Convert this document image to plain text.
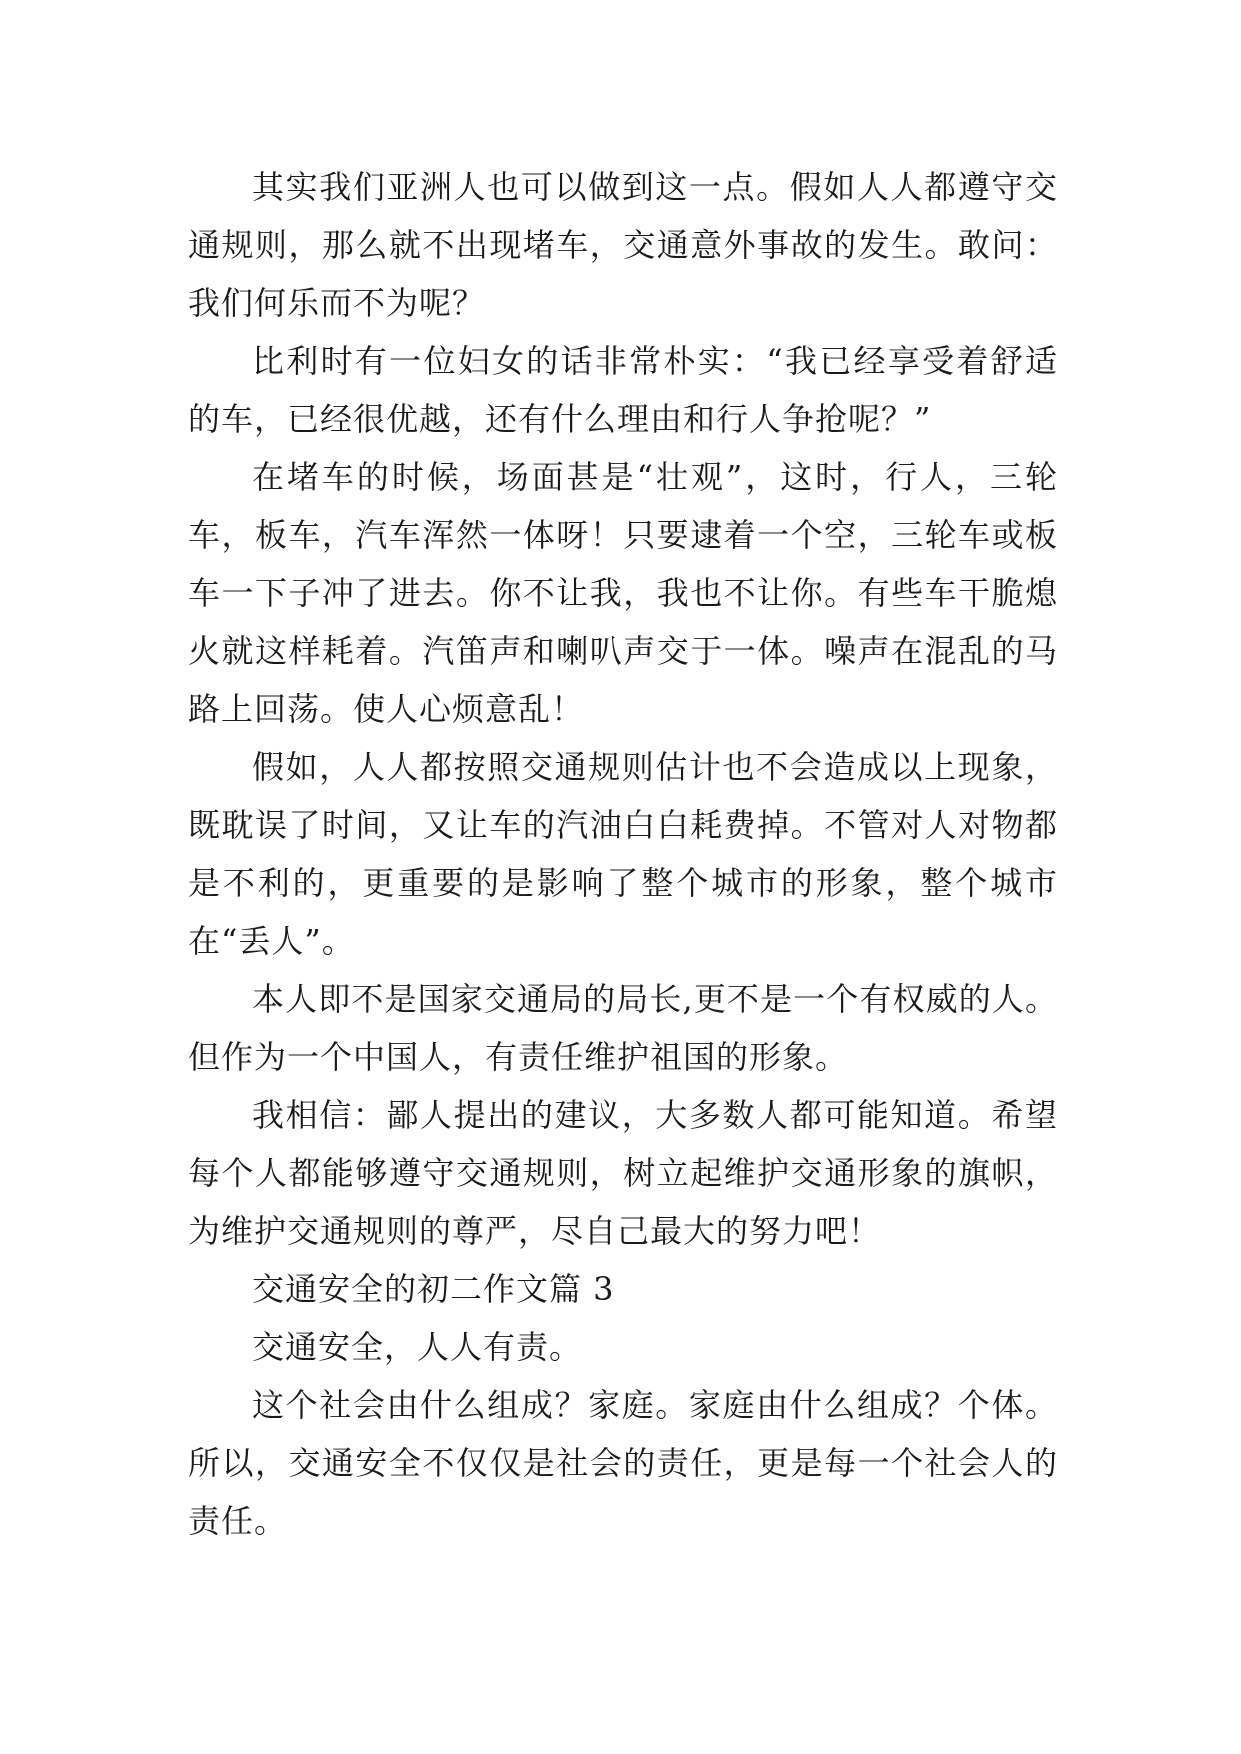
其实我们亚洲人也可以做到这一点。假如人人都遵守交通规则，那么就不出现堵车，交通意外事故的发生。敢问：我们何乐而不为呢？

比利时有一位妇女的话非常朴实：“我已经享受着舒适的车，已经很优越，还有什么理由和行人争抢呢？”

在堵车的时候，场面甚是“壮观”，这时，行人，三轮车，板车，汽车浑然一体呀！只要逮着一个空，三轮车或板车一下子冲了进去。你不让我，我也不让你。有些车干脆熄火就这样耗着。汽笛声和喇叭声交于一体。噪声在混乱的马路上回荡。使人心烦意乱！

假如，人人都按照交通规则估计也不会造成以上现象，既耽误了时间，又让车的汽油白白耗费掉。不管对人对物都是不利的，更重要的是影响了整个城市的形象，整个城市在“丢人”。

本人即不是国家交通局的局长,更不是一个有权威的人。但作为一个中国人，有责任维护祖国的形象。

我相信：鄙人提出的建议，大多数人都可能知道。希望每个人都能够遵守交通规则，树立起维护交通形象的旗帜，为维护交通规则的尊严，尽自己最大的努力吧！

交通安全的初二作文篇 3

交通安全，人人有责。

这个社会由什么组成？家庭。家庭由什么组成？个体。所以，交通安全不仅仅是社会的责任，更是每一个社会人的责任。
